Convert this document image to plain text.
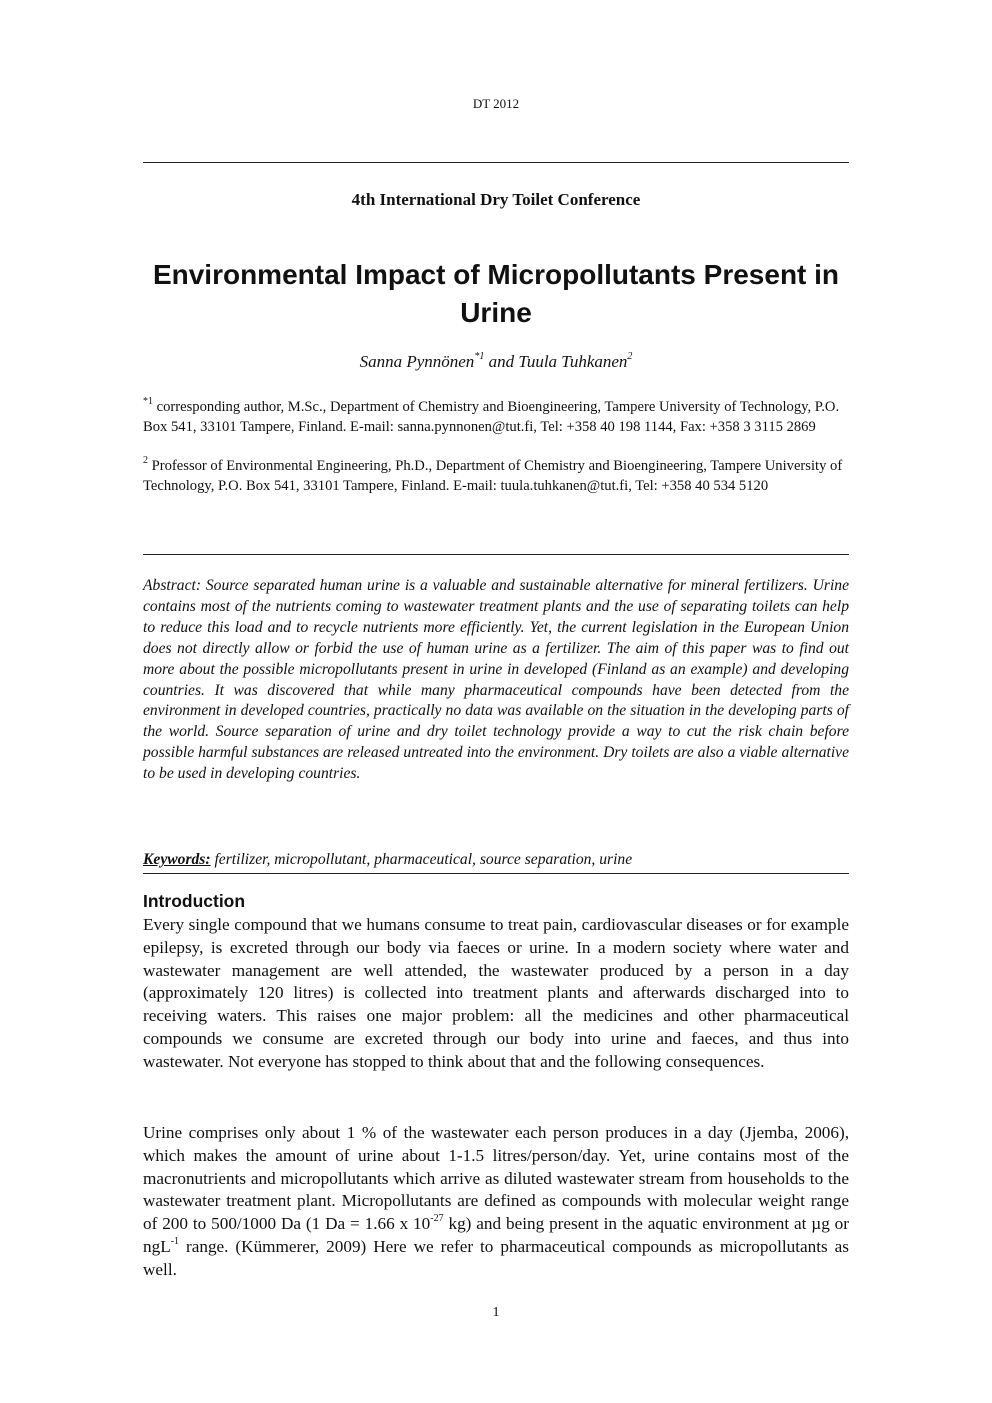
DT 2012
4th International Dry Toilet Conference
Environmental Impact of Micropollutants Present in Urine
Sanna Pynnönen$^{*1}$ and Tuula Tuhkanen$^2$
$^{*1}$ corresponding author, M.Sc., Department of Chemistry and Bioengineering, Tampere University of Technology, P.O. Box 541, 33101 Tampere, Finland. E-mail: sanna.pynnonen@tut.fi, Tel: +358 40 198 1144, Fax: +358 3 3115 2869
$^2$ Professor of Environmental Engineering, Ph.D., Department of Chemistry and Bioengineering, Tampere University of Technology, P.O. Box 541, 33101 Tampere, Finland. E-mail: tuula.tuhkanen@tut.fi, Tel: +358 40 534 5120
Abstract: Source separated human urine is a valuable and sustainable alternative for mineral fertilizers. Urine contains most of the nutrients coming to wastewater treatment plants and the use of separating toilets can help to reduce this load and to recycle nutrients more efficiently. Yet, the current legislation in the European Union does not directly allow or forbid the use of human urine as a fertilizer. The aim of this paper was to find out more about the possible micropollutants present in urine in developed (Finland as an example) and developing countries. It was discovered that while many pharmaceutical compounds have been detected from the environment in developed countries, practically no data was available on the situation in the developing parts of the world. Source separation of urine and dry toilet technology provide a way to cut the risk chain before possible harmful substances are released untreated into the environment. Dry toilets are also a viable alternative to be used in developing countries.
Keywords: fertilizer, micropollutant, pharmaceutical, source separation, urine
Introduction
Every single compound that we humans consume to treat pain, cardiovascular diseases or for example epilepsy, is excreted through our body via faeces or urine. In a modern society where water and wastewater management are well attended, the wastewater produced by a person in a day (approximately 120 litres) is collected into treatment plants and afterwards discharged into to receiving waters. This raises one major problem: all the medicines and other pharmaceutical compounds we consume are excreted through our body into urine and faeces, and thus into wastewater. Not everyone has stopped to think about that and the following consequences.
Urine comprises only about 1 % of the wastewater each person produces in a day (Jjemba, 2006), which makes the amount of urine about 1-1.5 litres/person/day. Yet, urine contains most of the macronutrients and micropollutants which arrive as diluted wastewater stream from households to the wastewater treatment plant. Micropollutants are defined as compounds with molecular weight range of 200 to 500/1000 Da (1 Da = 1.66 x $10^{-27}$ kg) and being present in the aquatic environment at µg or ngL$^{-1}$ range. (Kümmerer, 2009) Here we refer to pharmaceutical compounds as micropollutants as well.
1
